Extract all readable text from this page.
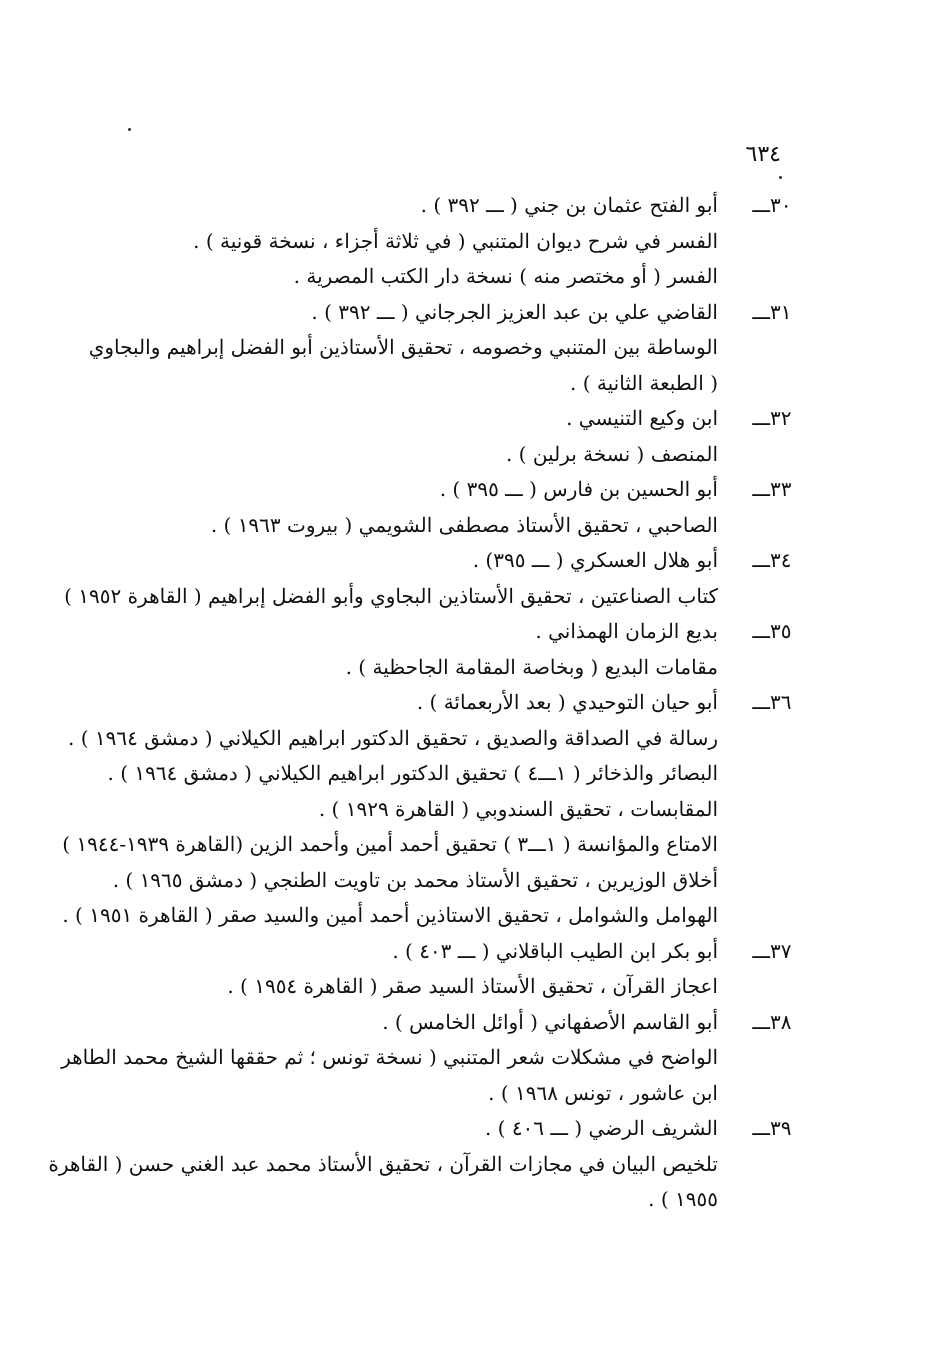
٦٣٤
٣٠
ـــ
أبو الفتح عثمان بن جني ( ـــ ٣٩٢ ) .
الفسر في شرح ديوان المتنبي ( في ثلاثة أجزاء ، نسخة قونية ) .
الفسر ( أو مختصر منه ) نسخة دار الكتب المصرية .
٣١
ـــ
القاضي علي بن عبد العزيز الجرجاني ( ـــ ٣٩٢ ) .
الوساطة بين المتنبي وخصومه ، تحقيق الأستاذين أبو الفضل إبراهيم والبجاوي
( الطبعة الثانية ) .
٣٢
ـــ
ابن وكيع التنيسي .
المنصف ( نسخة برلين ) .
٣٣
ـــ
أبو الحسين بن فارس ( ـــ ٣٩٥ ) .
الصاحبي ، تحقيق الأستاذ مصطفى الشويمي ( بيروت ١٩٦٣ ) .
٣٤
ـــ
أبو هلال العسكري ( ـــ ٣٩٥) .
كتاب الصناعتين ، تحقيق الأستاذين البجاوي وأبو الفضل إبراهيم ( القاهرة ١٩٥٢ )
٣٥
ـــ
بديع الزمان الهمذاني .
مقامات البديع ( وبخاصة المقامة الجاحظية ) .
٣٦
ـــ
أبو حيان التوحيدي ( بعد الأربعمائة ) .
رسالة في الصداقة والصديق ، تحقيق الدكتور ابراهيم الكيلاني ( دمشق ١٩٦٤ ) .
البصائر والذخائر ( ١ـــ٤ ) تحقيق الدكتور ابراهيم الكيلاني ( دمشق ١٩٦٤ ) .
المقابسات ، تحقيق السندوبي ( القاهرة ١٩٢٩ ) .
الامتاع والمؤانسة ( ١ـــ٣ ) تحقيق أحمد أمين وأحمد الزين (القاهرة ١٩٣٩-١٩٤٤ )
أخلاق الوزيرين ، تحقيق الأستاذ محمد بن تاويت الطنجي ( دمشق ١٩٦٥ ) .
الهوامل والشوامل ، تحقيق الاستاذين أحمد أمين والسيد صقر ( القاهرة ١٩٥١ ) .
٣٧
ـــ
أبو بكر ابن الطيب الباقلاني ( ـــ ٤٠٣ ) .
اعجاز القرآن ، تحقيق الأستاذ السيد صقر ( القاهرة ١٩٥٤ ) .
٣٨
ـــ
أبو القاسم الأصفهاني ( أوائل الخامس ) .
الواضح في مشكلات شعر المتنبي ( نسخة تونس ؛ ثم حققها الشيخ محمد الطاهر
ابن عاشور ، تونس ١٩٦٨ ) .
٣٩
ـــ
الشريف الرضي ( ـــ ٤٠٦ ) .
تلخيص البيان في مجازات القرآن ، تحقيق الأستاذ محمد عبد الغني حسن ( القاهرة
١٩٥٥ ) .
